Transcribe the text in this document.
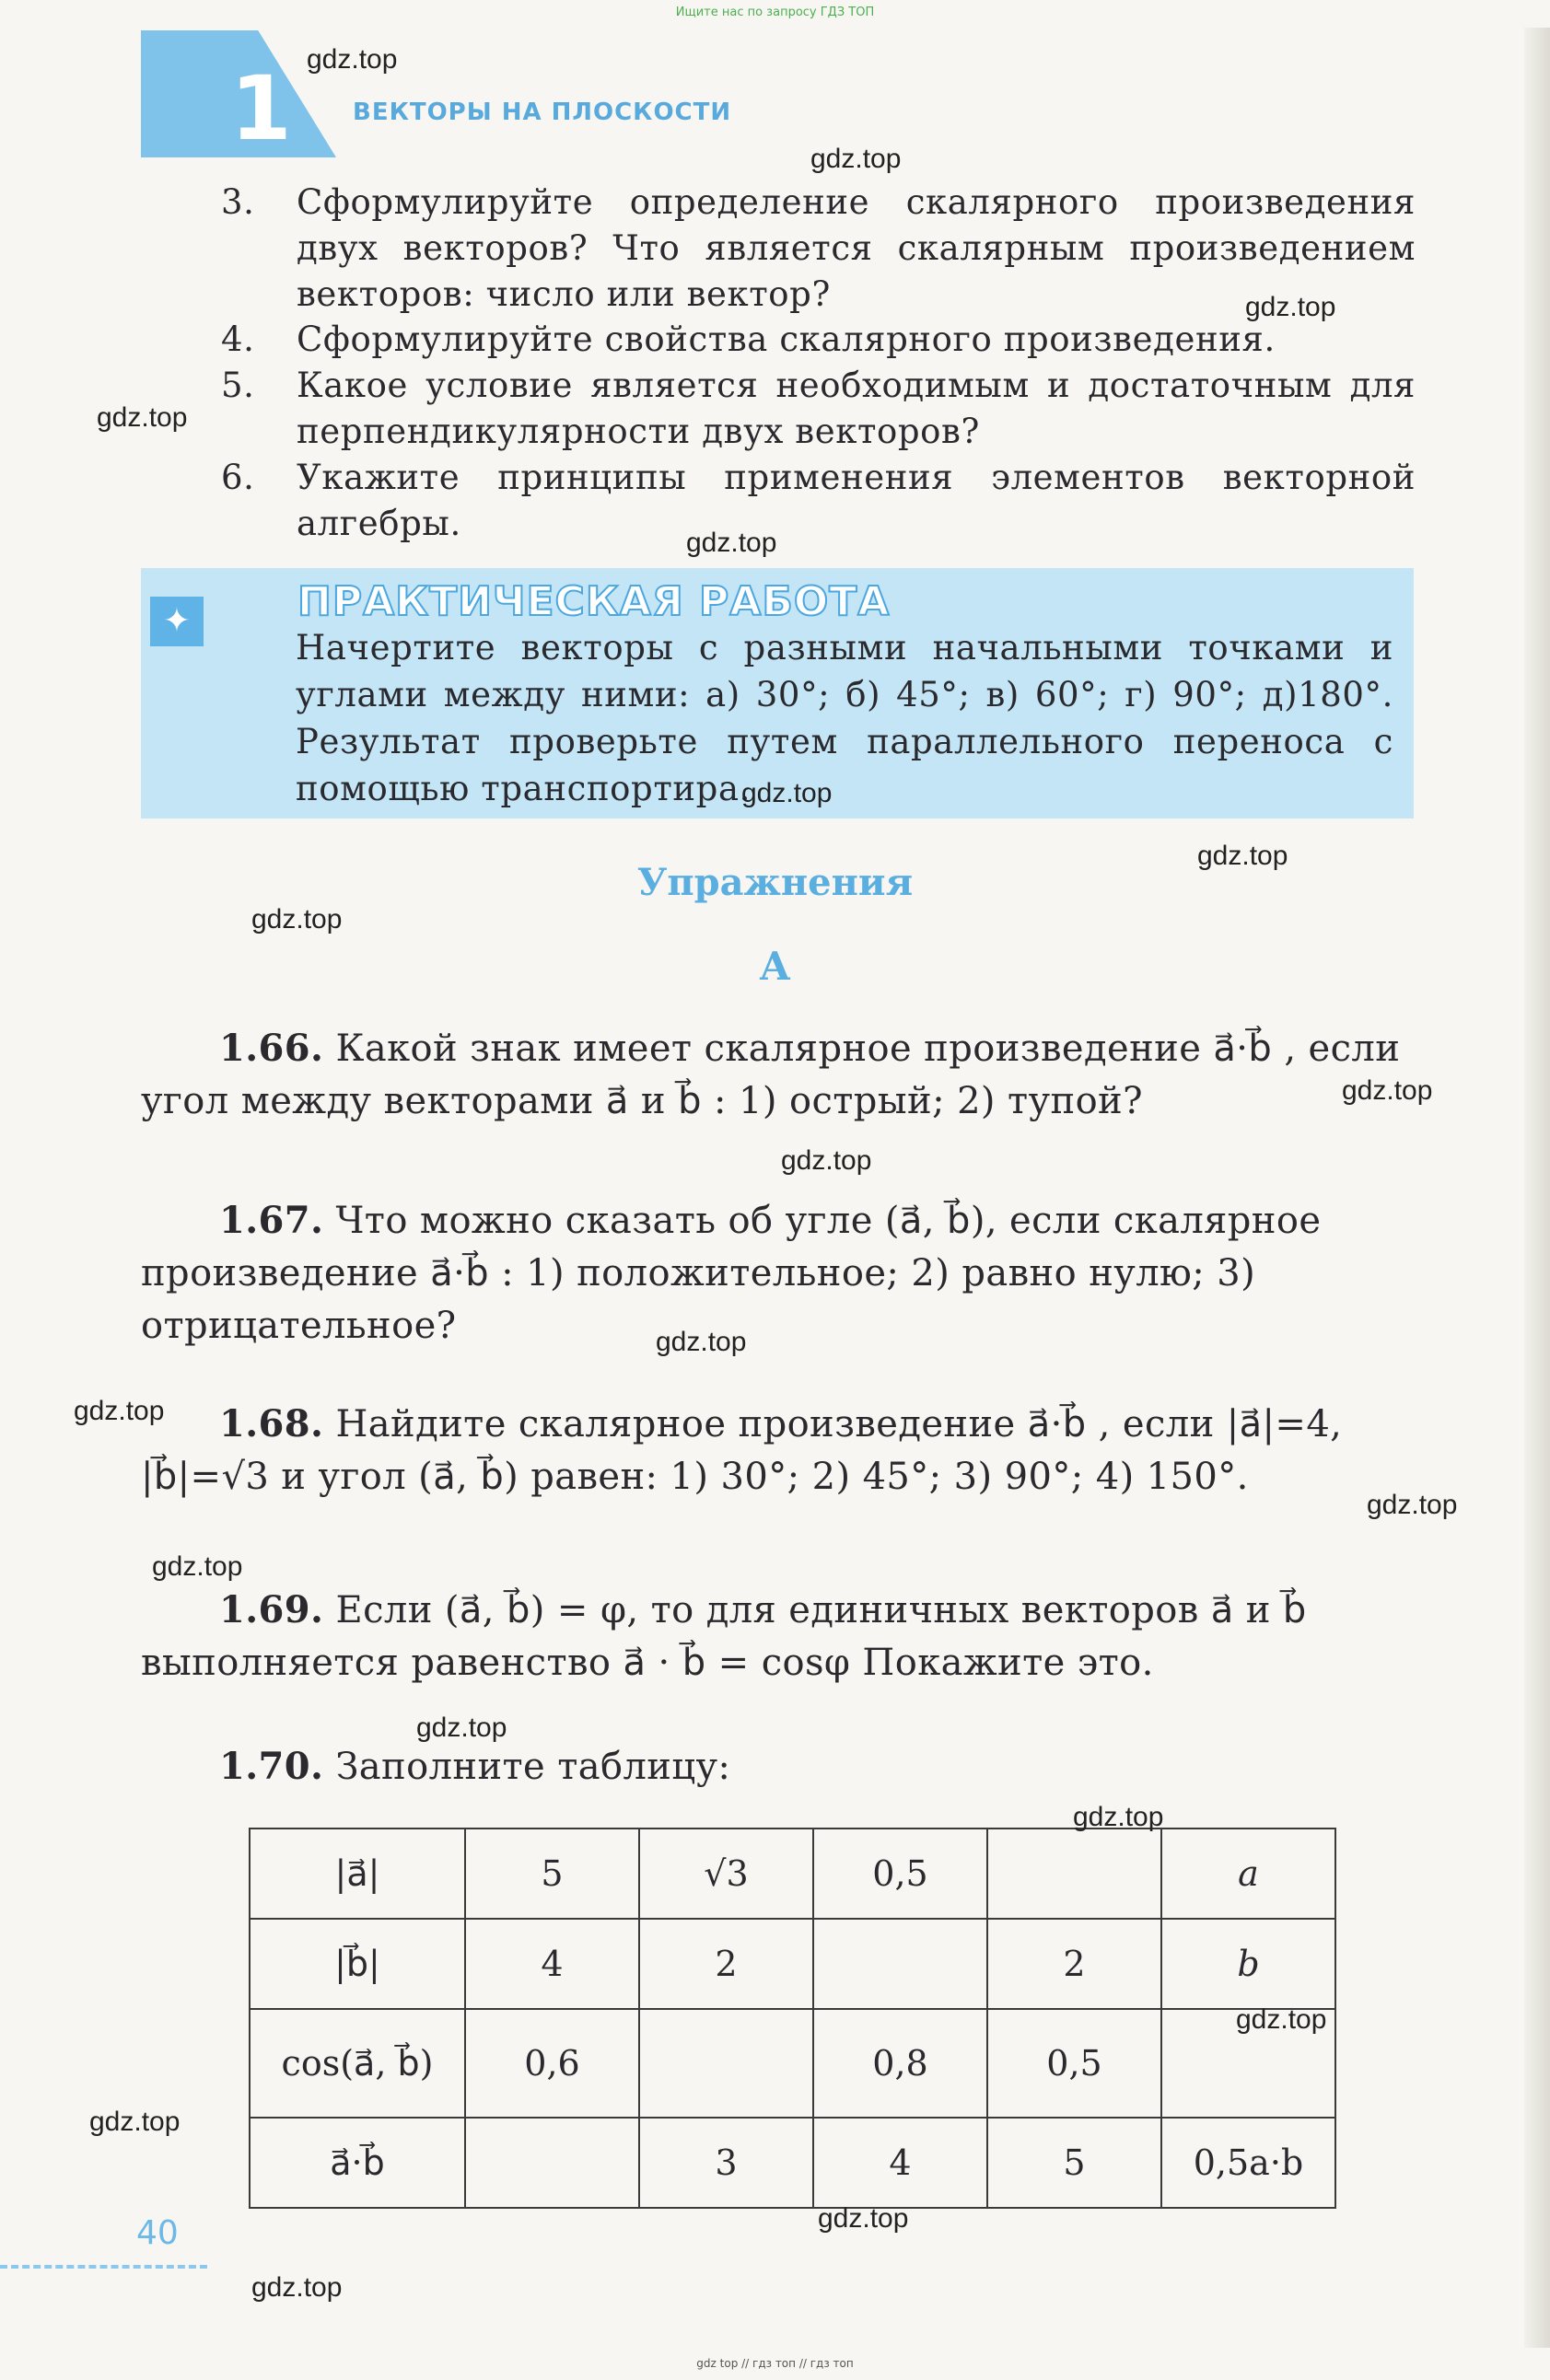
Ищите нас по запросу ГДЗ ТОП
1	ВЕКТОРЫ НА ПЛОСКОСТИ
3. Сформулируйте определение скалярного произведения двух векторов? Что является скалярным произведением векторов: число или вектор?
4. Сформулируйте свойства скалярного произведения.
5. Какое условие является необходимым и достаточным для перпендикулярности двух векторов?
6. Укажите принципы применения элементов векторной алгебры.
✦	ПРАКТИЧЕСКАЯ РАБОТА
Начертите векторы с разными начальными точками и углами между ними: а) 30°; б) 45°; в) 60°; г) 90°; д)180°. Результат проверьте путем параллельного переноса с помощью транспортира.
Упражнения
А
1.66. Какой знак имеет скалярное произведение a⃗·b⃗ , если угол между векторами a⃗ и b⃗ : 1) острый; 2) тупой?
1.67. Что можно сказать об угле (a⃗, b⃗), если скалярное произведение a⃗·b⃗ : 1) положительное; 2) равно нулю; 3) отрицательное?
1.68. Найдите скалярное произведение a⃗·b⃗ , если |a⃗|=4, |b⃗|=√3 и угол (a⃗, b⃗) равен: 1) 30°; 2) 45°; 3) 90°; 4) 150°.
1.69. Если (a⃗, b⃗) = φ, то для единичных векторов a⃗ и b⃗ выполняется равенство a⃗ · b⃗ = cosφ Покажите это.
1.70. Заполните таблицу:
|a⃗|	5	√3	0,5		a
|b⃗|	4	2		2	b
cos(a⃗, b⃗)	0,6		0,8	0,5	
a⃗·b⃗		3	4	5	0,5a·b
40
gdz.top
gdz.top
gdz.top
gdz.top
gdz.top
gdz.top
gdz.top
gdz.top
gdz.top
gdz.top
gdz.top
gdz.top
gdz.top
gdz.top
gdz.top
gdz.top
gdz.top
gdz.top
gdz.top
gdz.top
gdz top // гдз топ // гдз топ
